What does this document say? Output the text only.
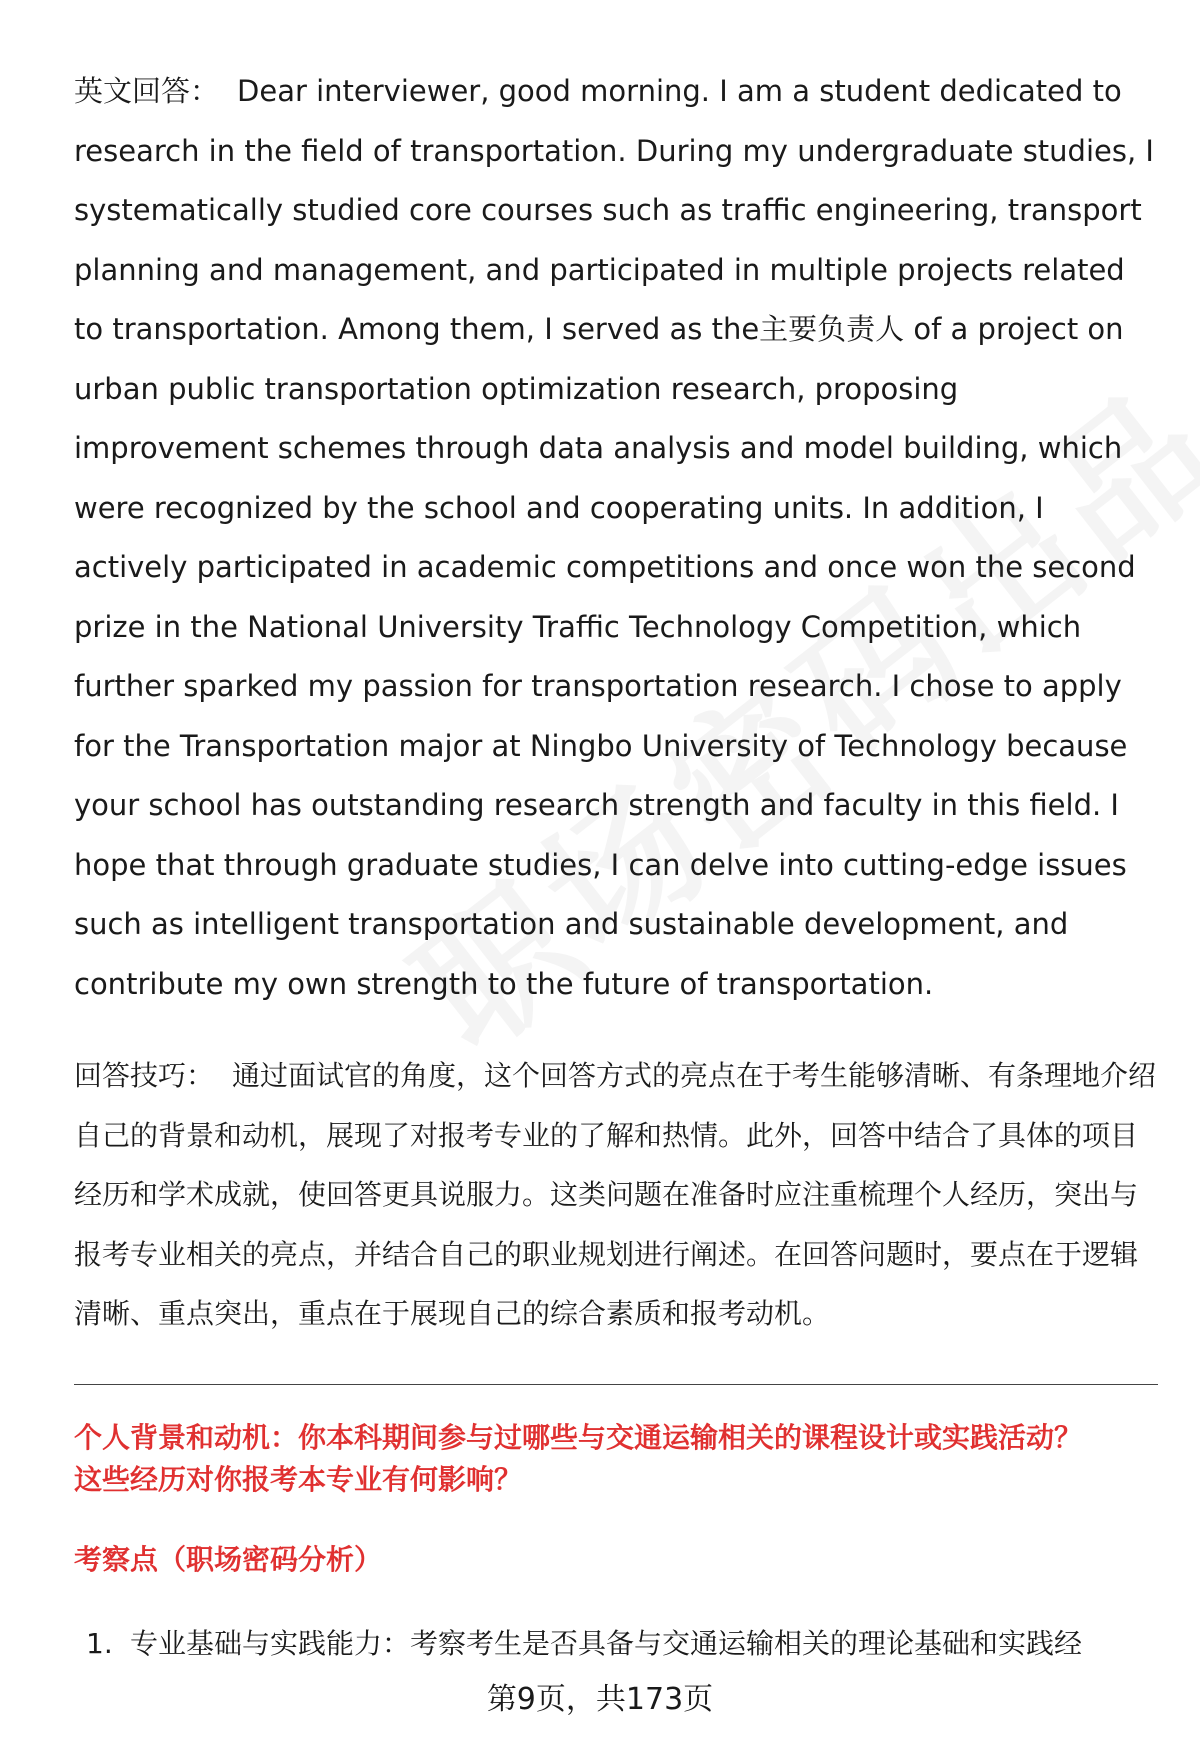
英文回答： Dear interviewer, good morning. I am a student dedicated to research in the field of transportation. During my undergraduate studies, I systematically studied core courses such as traffic engineering, transport planning and management, and participated in multiple projects related to transportation. Among them, I served as the主要负责人 of a project on urban public transportation optimization research, proposing improvement schemes through data analysis and model building, which were recognized by the school and cooperating units. In addition, I actively participated in academic competitions and once won the second prize in the National University Traffic Technology Competition, which further sparked my passion for transportation research. I chose to apply for the Transportation major at Ningbo University of Technology because your school has outstanding research strength and faculty in this field. I hope that through graduate studies, I can delve into cutting-edge issues such as intelligent transportation and sustainable development, and contribute my own strength to the future of transportation.

回答技巧： 通过面试官的角度，这个回答方式的亮点在于考生能够清晰、有条理地介绍自己的背景和动机，展现了对报考专业的了解和热情。此外，回答中结合了具体的项目经历和学术成就，使回答更具说服力。这类问题在准备时应注重梳理个人经历，突出与报考专业相关的亮点，并结合自己的职业规划进行阐述。在回答问题时，要点在于逻辑清晰、重点突出，重点在于展现自己的综合素质和报考动机。

个人背景和动机：你本科期间参与过哪些与交通运输相关的课程设计或实践活动？
这些经历对你报考本专业有何影响？

考察点（职场密码分析）

1. 专业基础与实践能力：考察考生是否具备与交通运输相关的理论基础和实践经
第9页，共173页
